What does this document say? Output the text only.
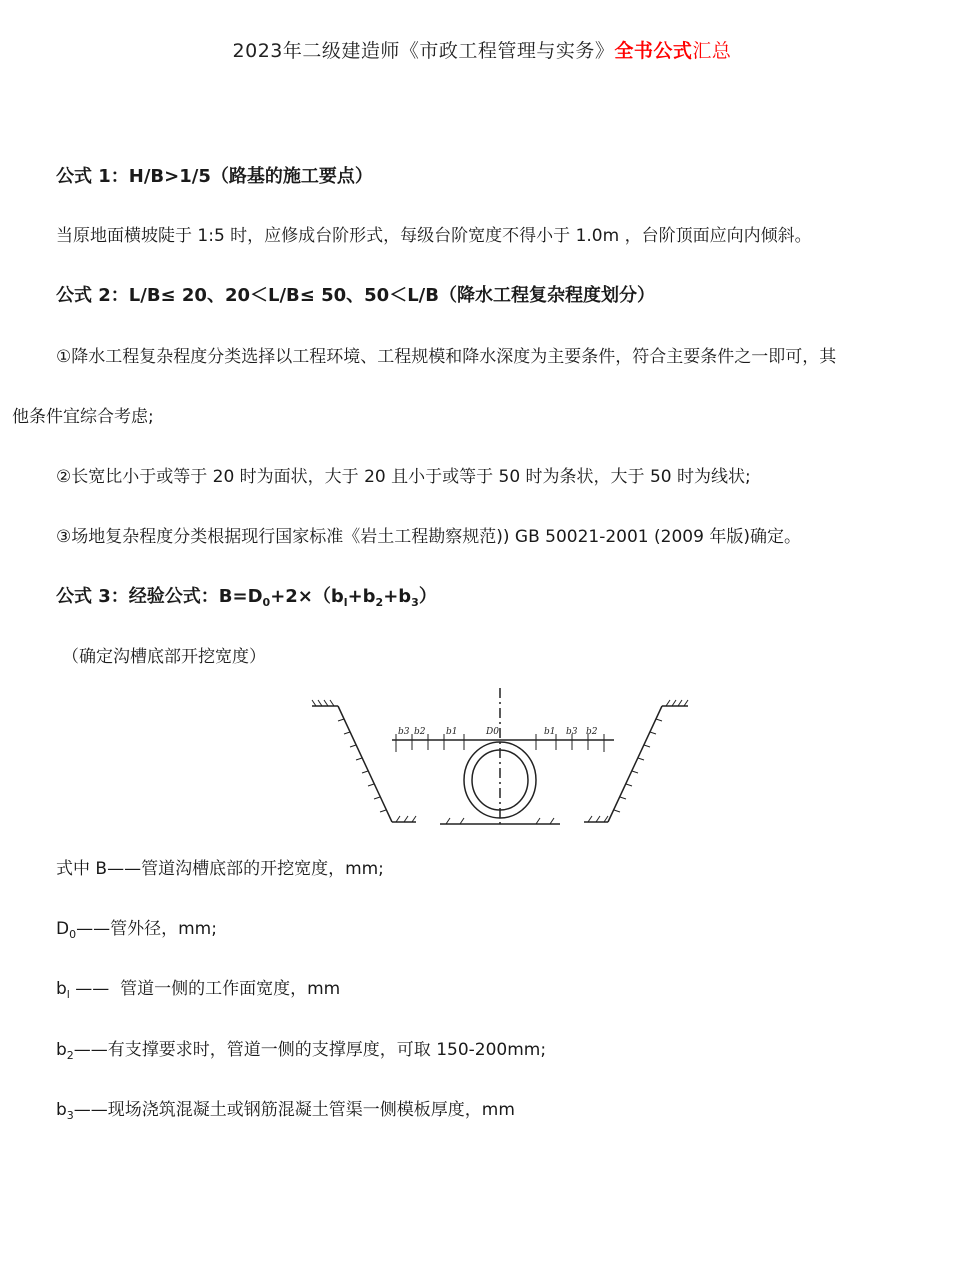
2023年二级建造师《市政工程管理与实务》全书公式汇总
公式 1：H/B>1/5（路基的施工要点）
当原地面横坡陡于 1:5 时，应修成台阶形式，每级台阶宽度不得小于 1.0m ，台阶顶面应向内倾斜。
公式 2：L/B≤ 20、20＜L/B≤ 50、50＜L/B（降水工程复杂程度划分）
①降水工程复杂程度分类选择以工程环境、工程规模和降水深度为主要条件，符合主要条件之一即可，其
他条件宜综合考虑;
②长宽比小于或等于 20 时为面状，大于 20 且小于或等于 50 时为条状，大于 50 时为线状;
③场地复杂程度分类根据现行国家标准《岩土工程勘察规范)) GB 50021-2001 (2009 年版)确定。
公式 3：经验公式：$B=D_0+2\times(b_l+b_2+b_3)$
（确定沟槽底部开挖宽度）
b3 b2 b1	D0	b1 b3 b2
式中 B——管道沟槽底部的开挖宽度，mm;
$D_0——$管外径，mm;
$b_l$ ——  管道一侧的工作面宽度，mm
$b_2——$有支撑要求时，管道一侧的支撑厚度，可取 150-200mm;
$b_3——$现场浇筑混凝土或钢筋混凝土管渠一侧模板厚度，mm
